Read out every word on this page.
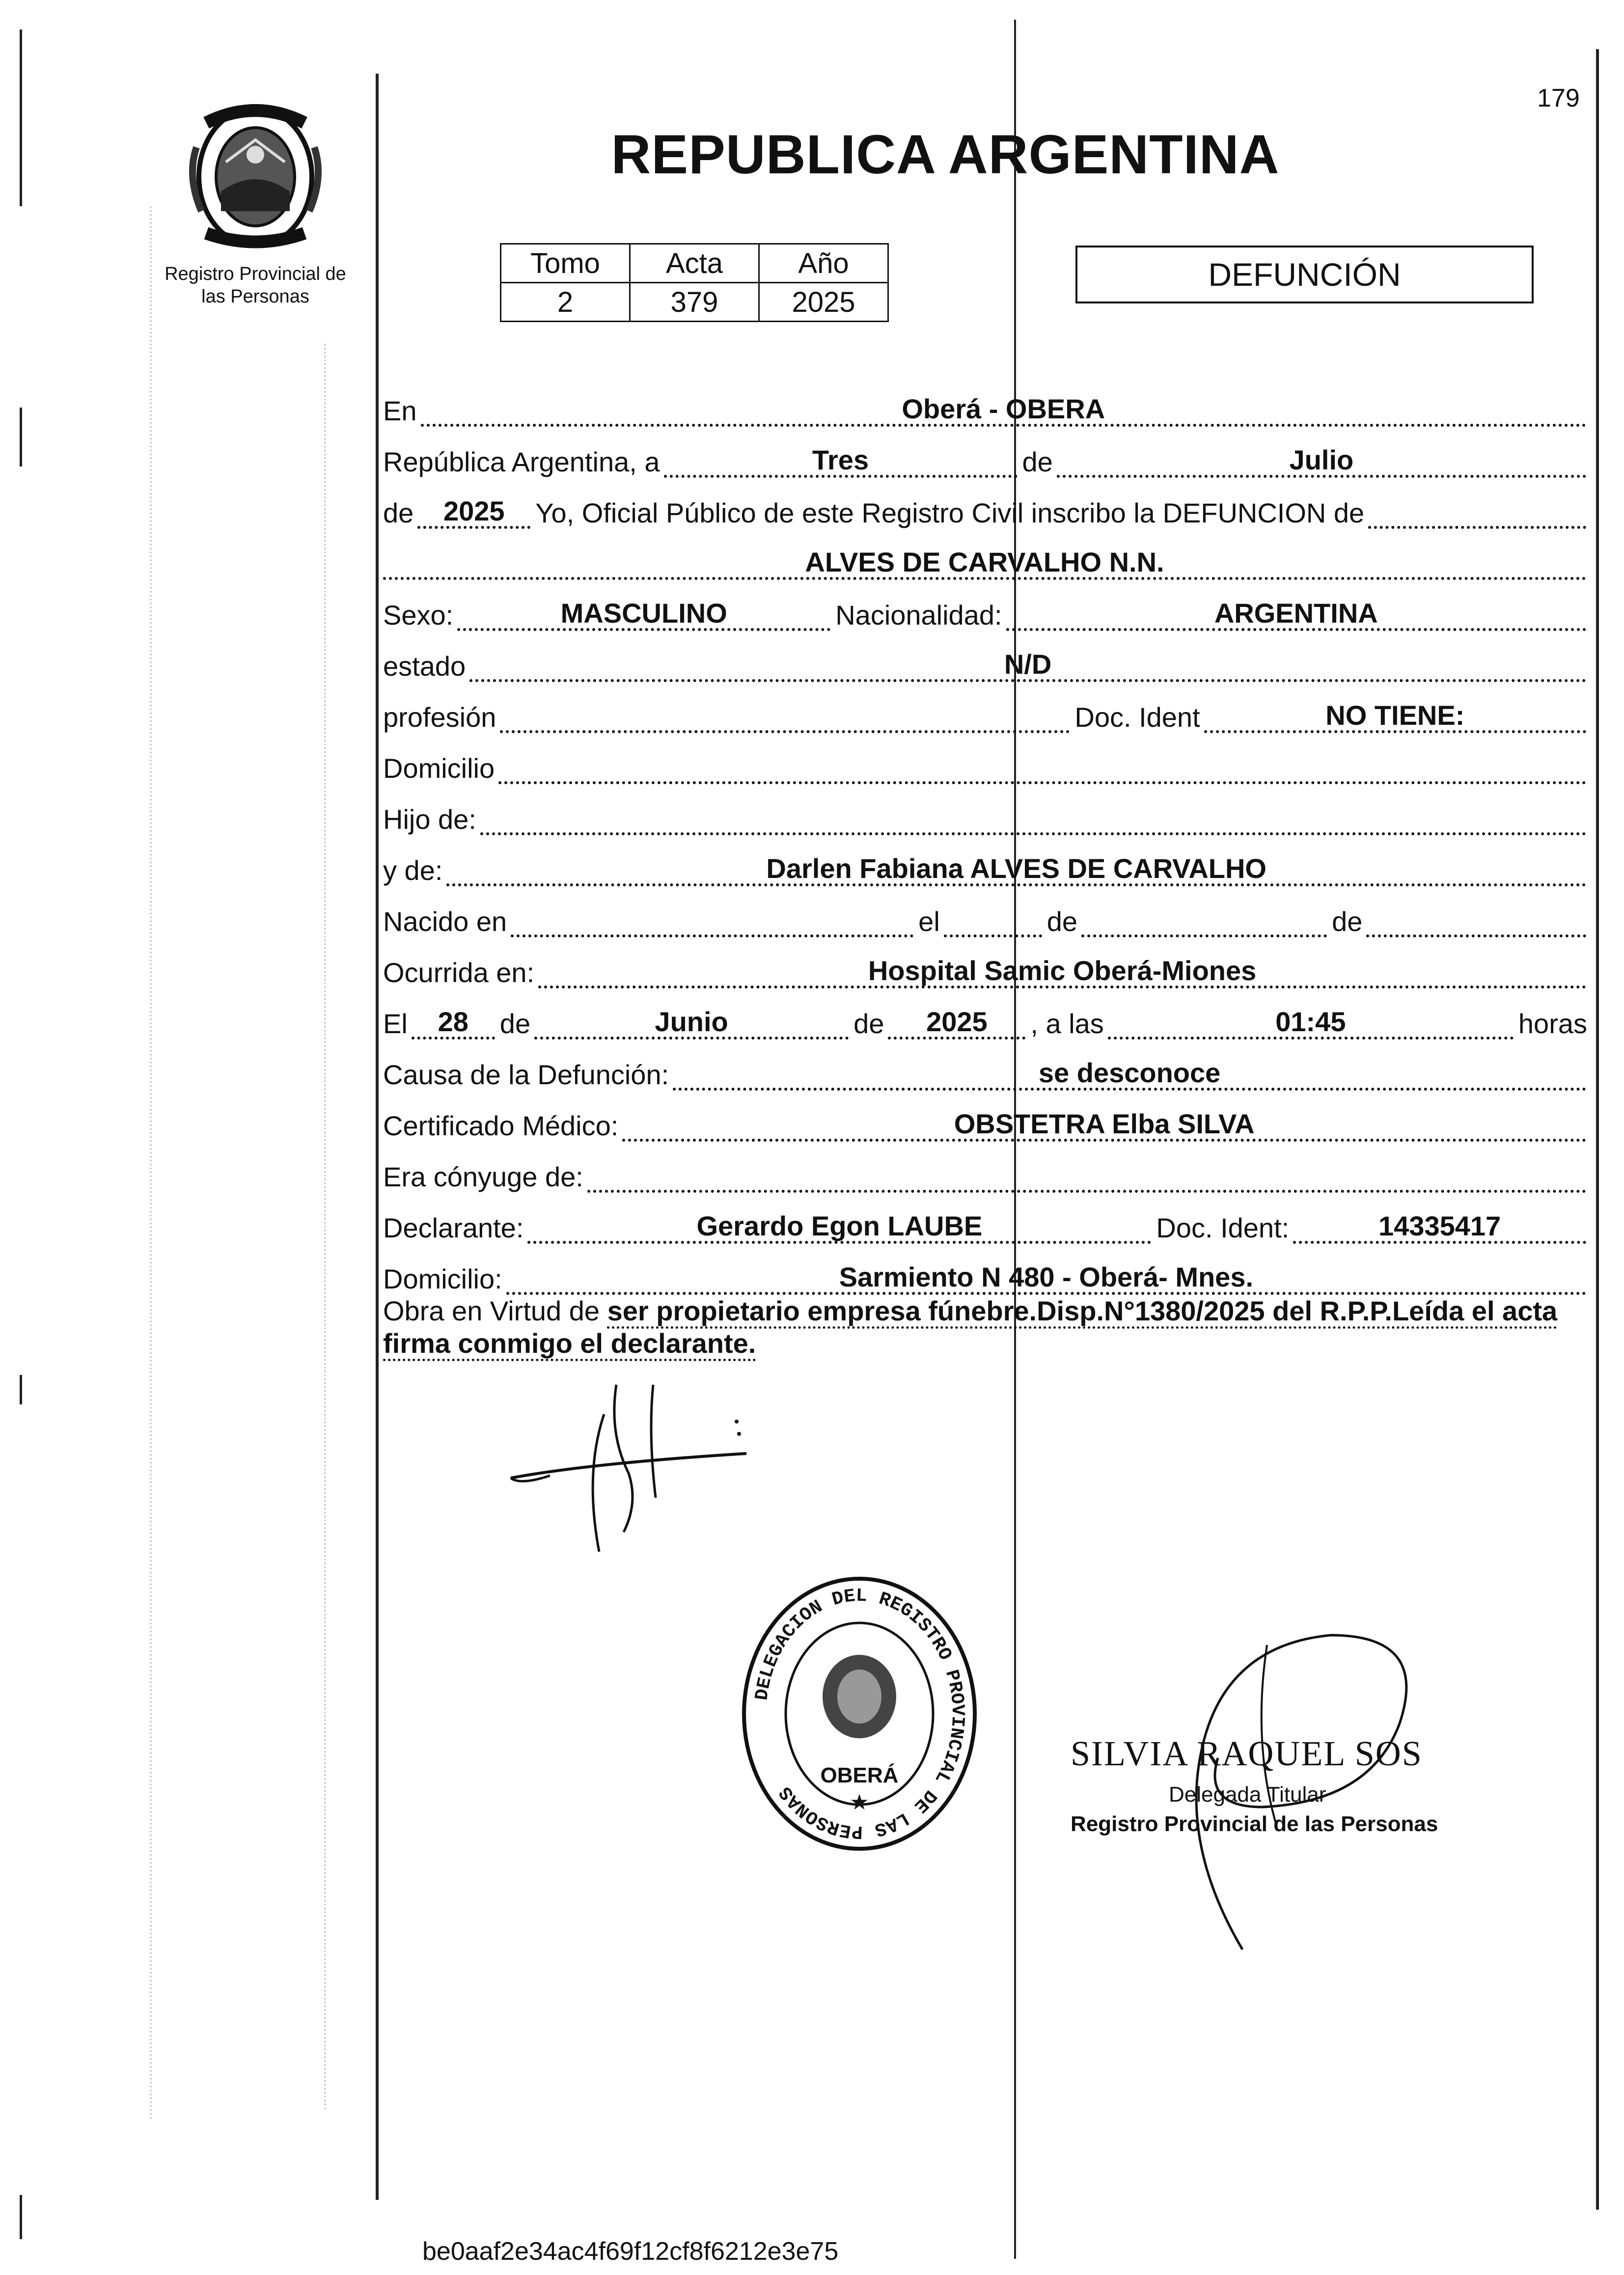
179
Registro Provincial de
las Personas
REPUBLICA ARGENTINA
Tomo	Acta	Año
2	379	2025
DEFUNCIÓN
En	Oberá - OBERA
República Argentina, a	Tres	de	Julio
de 2025 Yo, Oficial Público de este Registro Civil inscribo la DEFUNCION de
ALVES DE CARVALHO N.N.
Sexo:	MASCULINO	Nacionalidad:	ARGENTINA
estado	N/D
profesión	Doc. Ident	NO TIENE:
Domicilio
Hijo de:
y de:	Darlen Fabiana ALVES DE CARVALHO
Nacido en	el	de	de
Ocurrida en:	Hospital Samic Oberá-Miones
El 28 de	Junio	de 2025 , a las	01:45	horas
Causa de la Defunción:	se desconoce
Certificado Médico:	OBSTETRA Elba SILVA
Era cónyuge de:
Declarante:	Gerardo Egon LAUBE	Doc. Ident:	14335417
Domicilio:	Sarmiento N 480 - Oberá- Mnes.
Obra en Virtud de ser propietario empresa fúnebre.Disp.N°1380/2025 del R.P.P.Leída el acta firma conmigo el declarante.
DELEGACION DEL REGISTRO PROVINCIAL DE LAS PERSONAS
OBERÁ
★
SILVIA RAQUEL SOS
Delegada Titular
Registro Provincial de las Personas
be0aaf2e34ac4f69f12cf8f6212e3e75
